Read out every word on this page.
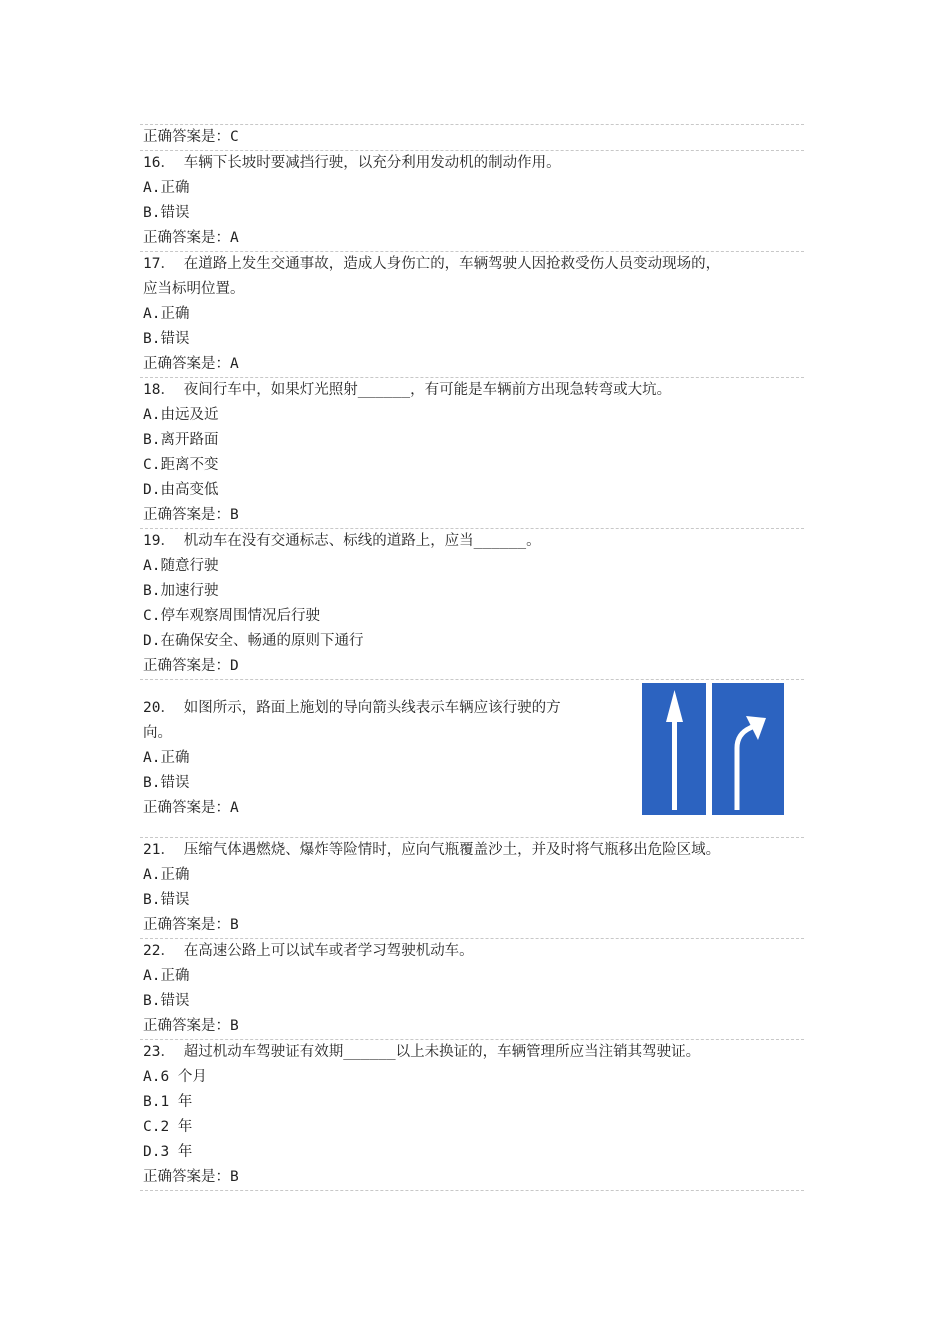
正确答案是：C
16． 车辆下长坡时要减挡行驶，以充分利用发动机的制动作用。
A.正确
B.错误
正确答案是：A
17． 在道路上发生交通事故，造成人身伤亡的，车辆驾驶人因抢救受伤人员变动现场的，
应当标明位置。
A.正确
B.错误
正确答案是：A
18． 夜间行车中，如果灯光照射______，有可能是车辆前方出现急转弯或大坑。
A.由远及近
B.离开路面
C.距离不变
D.由高变低
正确答案是：B
19． 机动车在没有交通标志、标线的道路上，应当______。
A.随意行驶
B.加速行驶
C.停车观察周围情况后行驶
D.在确保安全、畅通的原则下通行
正确答案是：D
20． 如图所示，路面上施划的导向箭头线表示车辆应该行驶的方
向。
A.正确
B.错误
正确答案是：A
21． 压缩气体遇燃烧、爆炸等险情时，应向气瓶覆盖沙土，并及时将气瓶移出危险区域。
A.正确
B.错误
正确答案是：B
22． 在高速公路上可以试车或者学习驾驶机动车。
A.正确
B.错误
正确答案是：B
23． 超过机动车驾驶证有效期______以上未换证的，车辆管理所应当注销其驾驶证。
A.6 个月
B.1 年
C.2 年
D.3 年
正确答案是：B
